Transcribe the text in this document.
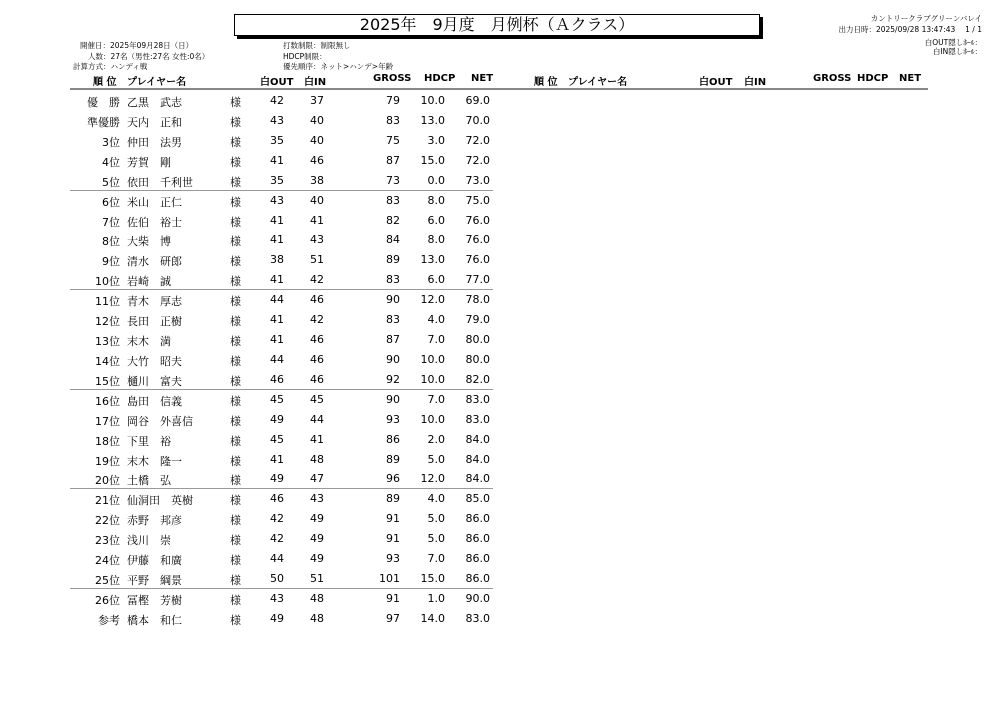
2025年　9月度　月例杯（Ａクラス）	カントリークラブグリーンバレイ
出力日時：2025/09/28 13:47:43　 1 / 1
白OUT隠しﾎｰﾙ：
白IN隠しﾎｰﾙ：
開催日：2025年09月28日（日）
人数：27名（男性:27名 女性:0名）
計算方式：ハンディ戦
打数制限：制限無し
HDCP制限：
優先順序：ネット>ハンデ>年齢
順 位 プレイヤー名	白OUT 白IN	GROSS HDCP NET	順 位 プレイヤー名	白OUT 白IN	GROSS HDCP NET
優　勝 乙黒　武志	様	42 37	79	10.0	69.0
準優勝 天内　正和	様	43 40	83	13.0	70.0
3位 仲田　法男	様	35 40	75	3.0	72.0
4位 芳賀　剛	様	41 46	87	15.0	72.0
5位 依田　千利世	様	35 38	73	0.0	73.0
6位 米山　正仁	様	43 40	83	8.0	75.0
7位 佐伯　裕士	様	41 41	82	6.0	76.0
8位 大柴　博	様	41 43	84	8.0	76.0
9位 清水　研郎	様	38 51	89	13.0	76.0
10位 岩崎　誠	様	41 42	83	6.0	77.0
11位 青木　厚志	様	44 46	90	12.0	78.0
12位 長田　正樹	様	41 42	83	4.0	79.0
13位 末木　満	様	41 46	87	7.0	80.0
14位 大竹　昭夫	様	44 46	90	10.0	80.0
15位 樋川　富夫	様	46 46	92	10.0	82.0
16位 島田　信義	様	45 45	90	7.0	83.0
17位 岡谷　外喜信	様	49 44	93	10.0	83.0
18位 下里　裕	様	45 41	86	2.0	84.0
19位 末木　隆一	様	41 48	89	5.0	84.0
20位 土橋　弘	様	49 47	96	12.0	84.0
21位 仙洞田　英樹	様	46 43	89	4.0	85.0
22位 赤野　邦彦	様	42 49	91	5.0	86.0
23位 浅川　崇	様	42 49	91	5.0	86.0
24位 伊藤　和廣	様	44 49	93	7.0	86.0
25位 平野　綱景	様	50 51	101	15.0	86.0
26位 冨樫　芳樹	様	43 48	91	1.0	90.0
参考 橋本　和仁	様	49 48	97	14.0	83.0
